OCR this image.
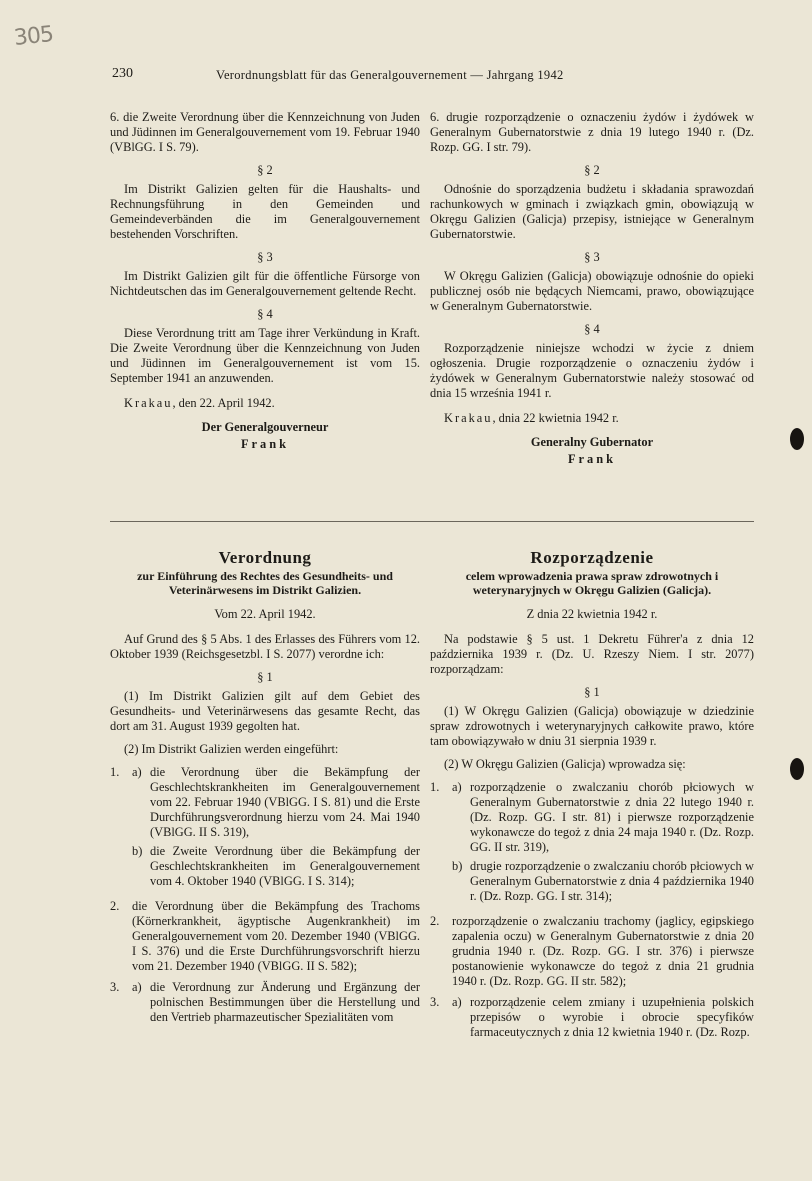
305
230	Verordnungsblatt für das Generalgouvernement — Jahrgang 1942

6. die Zweite Verordnung über die Kennzeichnung von Juden und Jüdinnen im Generalgouvernement vom 19. Februar 1940 (VBlGG. I S. 79).

§ 2

Im Distrikt Galizien gelten für die Haushalts- und Rechnungsführung in den Gemeinden und Gemeindeverbänden die im Generalgouvernement bestehenden Vorschriften.

§ 3

Im Distrikt Galizien gilt für die öffentliche Fürsorge von Nichtdeutschen das im Generalgouvernement geltende Recht.

§ 4

Diese Verordnung tritt am Tage ihrer Verkündung in Kraft. Die Zweite Verordnung über die Kennzeichnung von Juden und Jüdinnen im Generalgouvernement ist vom 15. September 1941 an anzuwenden.

Krakau, den 22. April 1942.

Der Generalgouverneur
Frank

6. drugie rozporządzenie o oznaczeniu żydów i żydówek w Generalnym Gubernatorstwie z dnia 19 lutego 1940 r. (Dz. Rozp. GG. I str. 79).

§ 2

Odnośnie do sporządzenia budżetu i składania sprawozdań rachunkowych w gminach i związkach gmin, obowiązują w Okręgu Galizien (Galicja) przepisy, istniejące w Generalnym Gubernatorstwie.

§ 3

W Okręgu Galizien (Galicja) obowiązuje odnośnie do opieki publicznej osób nie będących Niemcami, prawo, obowiązujące w Generalnym Gubernatorstwie.

§ 4

Rozporządzenie niniejsze wchodzi w życie z dniem ogłoszenia. Drugie rozporządzenie o oznaczeniu żydów i żydówek w Generalnym Gubernatorstwie należy stosować od dnia 15 września 1941 r.

Krakau, dnia 22 kwietnia 1942 r.

Generalny Gubernator
Frank
Verordnung
zur Einführung des Rechtes des Gesundheits- und Veterinärwesens im Distrikt Galizien.
Vom 22. April 1942.

Auf Grund des § 5 Abs. 1 des Erlasses des Führers vom 12. Oktober 1939 (Reichsgesetzbl. I S. 2077) verordne ich:

§ 1

(1) Im Distrikt Galizien gilt auf dem Gebiet des Gesundheits- und Veterinärwesens das gesamte Recht, das dort am 31. August 1939 gegolten hat.

(2) Im Distrikt Galizien werden eingeführt:

1.	a) die Verordnung über die Bekämpfung der Geschlechtskrankheiten im Generalgouvernement vom 22. Februar 1940 (VBlGG. I S. 81) und die Erste Durchführungsverordnung hierzu vom 24. Mai 1940 (VBlGG. II S. 319),
b) die Zweite Verordnung über die Bekämpfung der Geschlechtskrankheiten im Generalgouvernement vom 4. Oktober 1940 (VBlGG. I S. 314);
2.	die Verordnung über die Bekämpfung des Trachoms (Körnerkrankheit, ägyptische Augenkrankheit) im Generalgouvernement vom 20. Dezember 1940 (VBlGG. I S. 376) und die Erste Durchführungsvorschrift hierzu vom 21. Dezember 1940 (VBlGG. II S. 582);
3.	a) die Verordnung zur Änderung und Ergänzung der polnischen Bestimmungen über die Herstellung und den Vertrieb pharmazeutischer Spezialitäten vom
Rozporządzenie
celem wprowadzenia prawa spraw zdrowotnych i weterynaryjnych w Okręgu Galizien (Galicja).
Z dnia 22 kwietnia 1942 r.

Na podstawie § 5 ust. 1 Dekretu Führer'a z dnia 12 października 1939 r. (Dz. U. Rzeszy Niem. I str. 2077) rozporządzam:

§ 1

(1) W Okręgu Galizien (Galicja) obowiązuje w dziedzinie spraw zdrowotnych i weterynaryjnych całkowite prawo, które tam obowiązywało w dniu 31 sierpnia 1939 r.

(2) W Okręgu Galizien (Galicja) wprowadza się:

1.	a) rozporządzenie o zwalczaniu chorób płciowych w Generalnym Gubernatorstwie z dnia 22 lutego 1940 r. (Dz. Rozp. GG. I str. 81) i pierwsze rozporządzenie wykonawcze do tegoż z dnia 24 maja 1940 r. (Dz. Rozp. GG. II str. 319),
b) drugie rozporządzenie o zwalczaniu chorób płciowych w Generalnym Gubernatorstwie z dnia 4 października 1940 r. (Dz. Rozp. GG. I str. 314);
2.	rozporządzenie o zwalczaniu trachomy (jaglicy, egipskiego zapalenia oczu) w Generalnym Gubernatorstwie z dnia 20 grudnia 1940 r. (Dz. Rozp. GG. I str. 376) i pierwsze postanowienie wykonawcze do tegoż z dnia 21 grudnia 1940 r. (Dz. Rozp. GG. II str. 582);
3.	a) rozporządzenie celem zmiany i uzupełnienia polskich przepisów o wyrobie i obrocie specyfików farmaceutycznych z dnia 12 kwietnia 1940 r. (Dz. Rozp.
